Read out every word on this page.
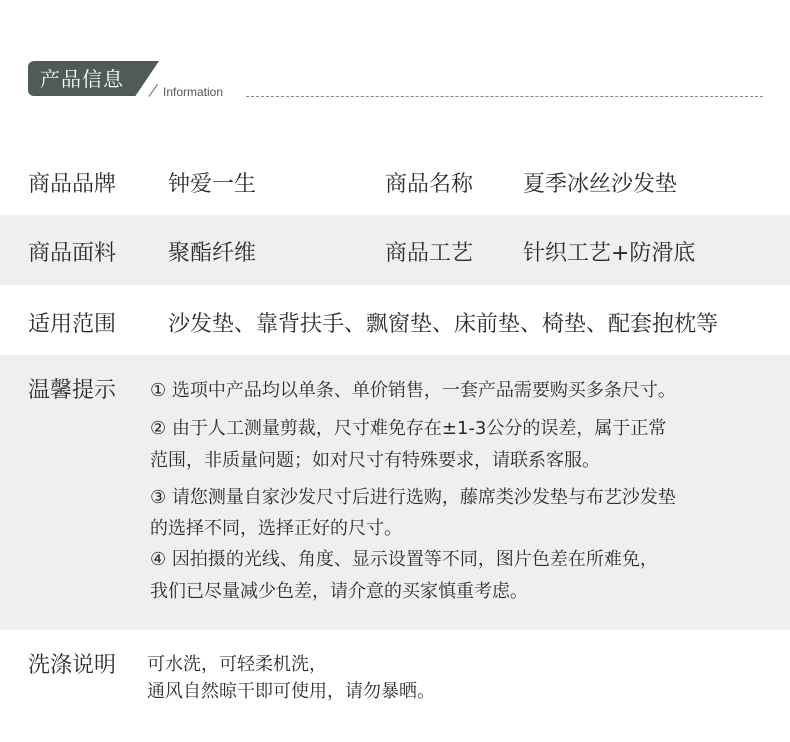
产品信息
Information
商品品牌 钟爱一生	商品名称 夏季冰丝沙发垫
商品面料 聚酯纤维	商品工艺 针织工艺+防滑底
适用范围 沙发垫、靠背扶手、飘窗垫、床前垫、椅垫、配套抱枕等
温馨提示 ① 选项中产品均以单条、单价销售，一套产品需要购买多条尺寸。
② 由于人工测量剪裁，尺寸难免存在±1-3公分的误差，属于正常
范围，非质量问题；如对尺寸有特殊要求，请联系客服。
③ 请您测量自家沙发尺寸后进行选购，藤席类沙发垫与布艺沙发垫
的选择不同，选择正好的尺寸。
④ 因拍摄的光线、角度、显示设置等不同，图片色差在所难免，
我们已尽量减少色差，请介意的买家慎重考虑。
洗涤说明 可水洗，可轻柔机洗，
通风自然晾干即可使用，请勿暴晒。
